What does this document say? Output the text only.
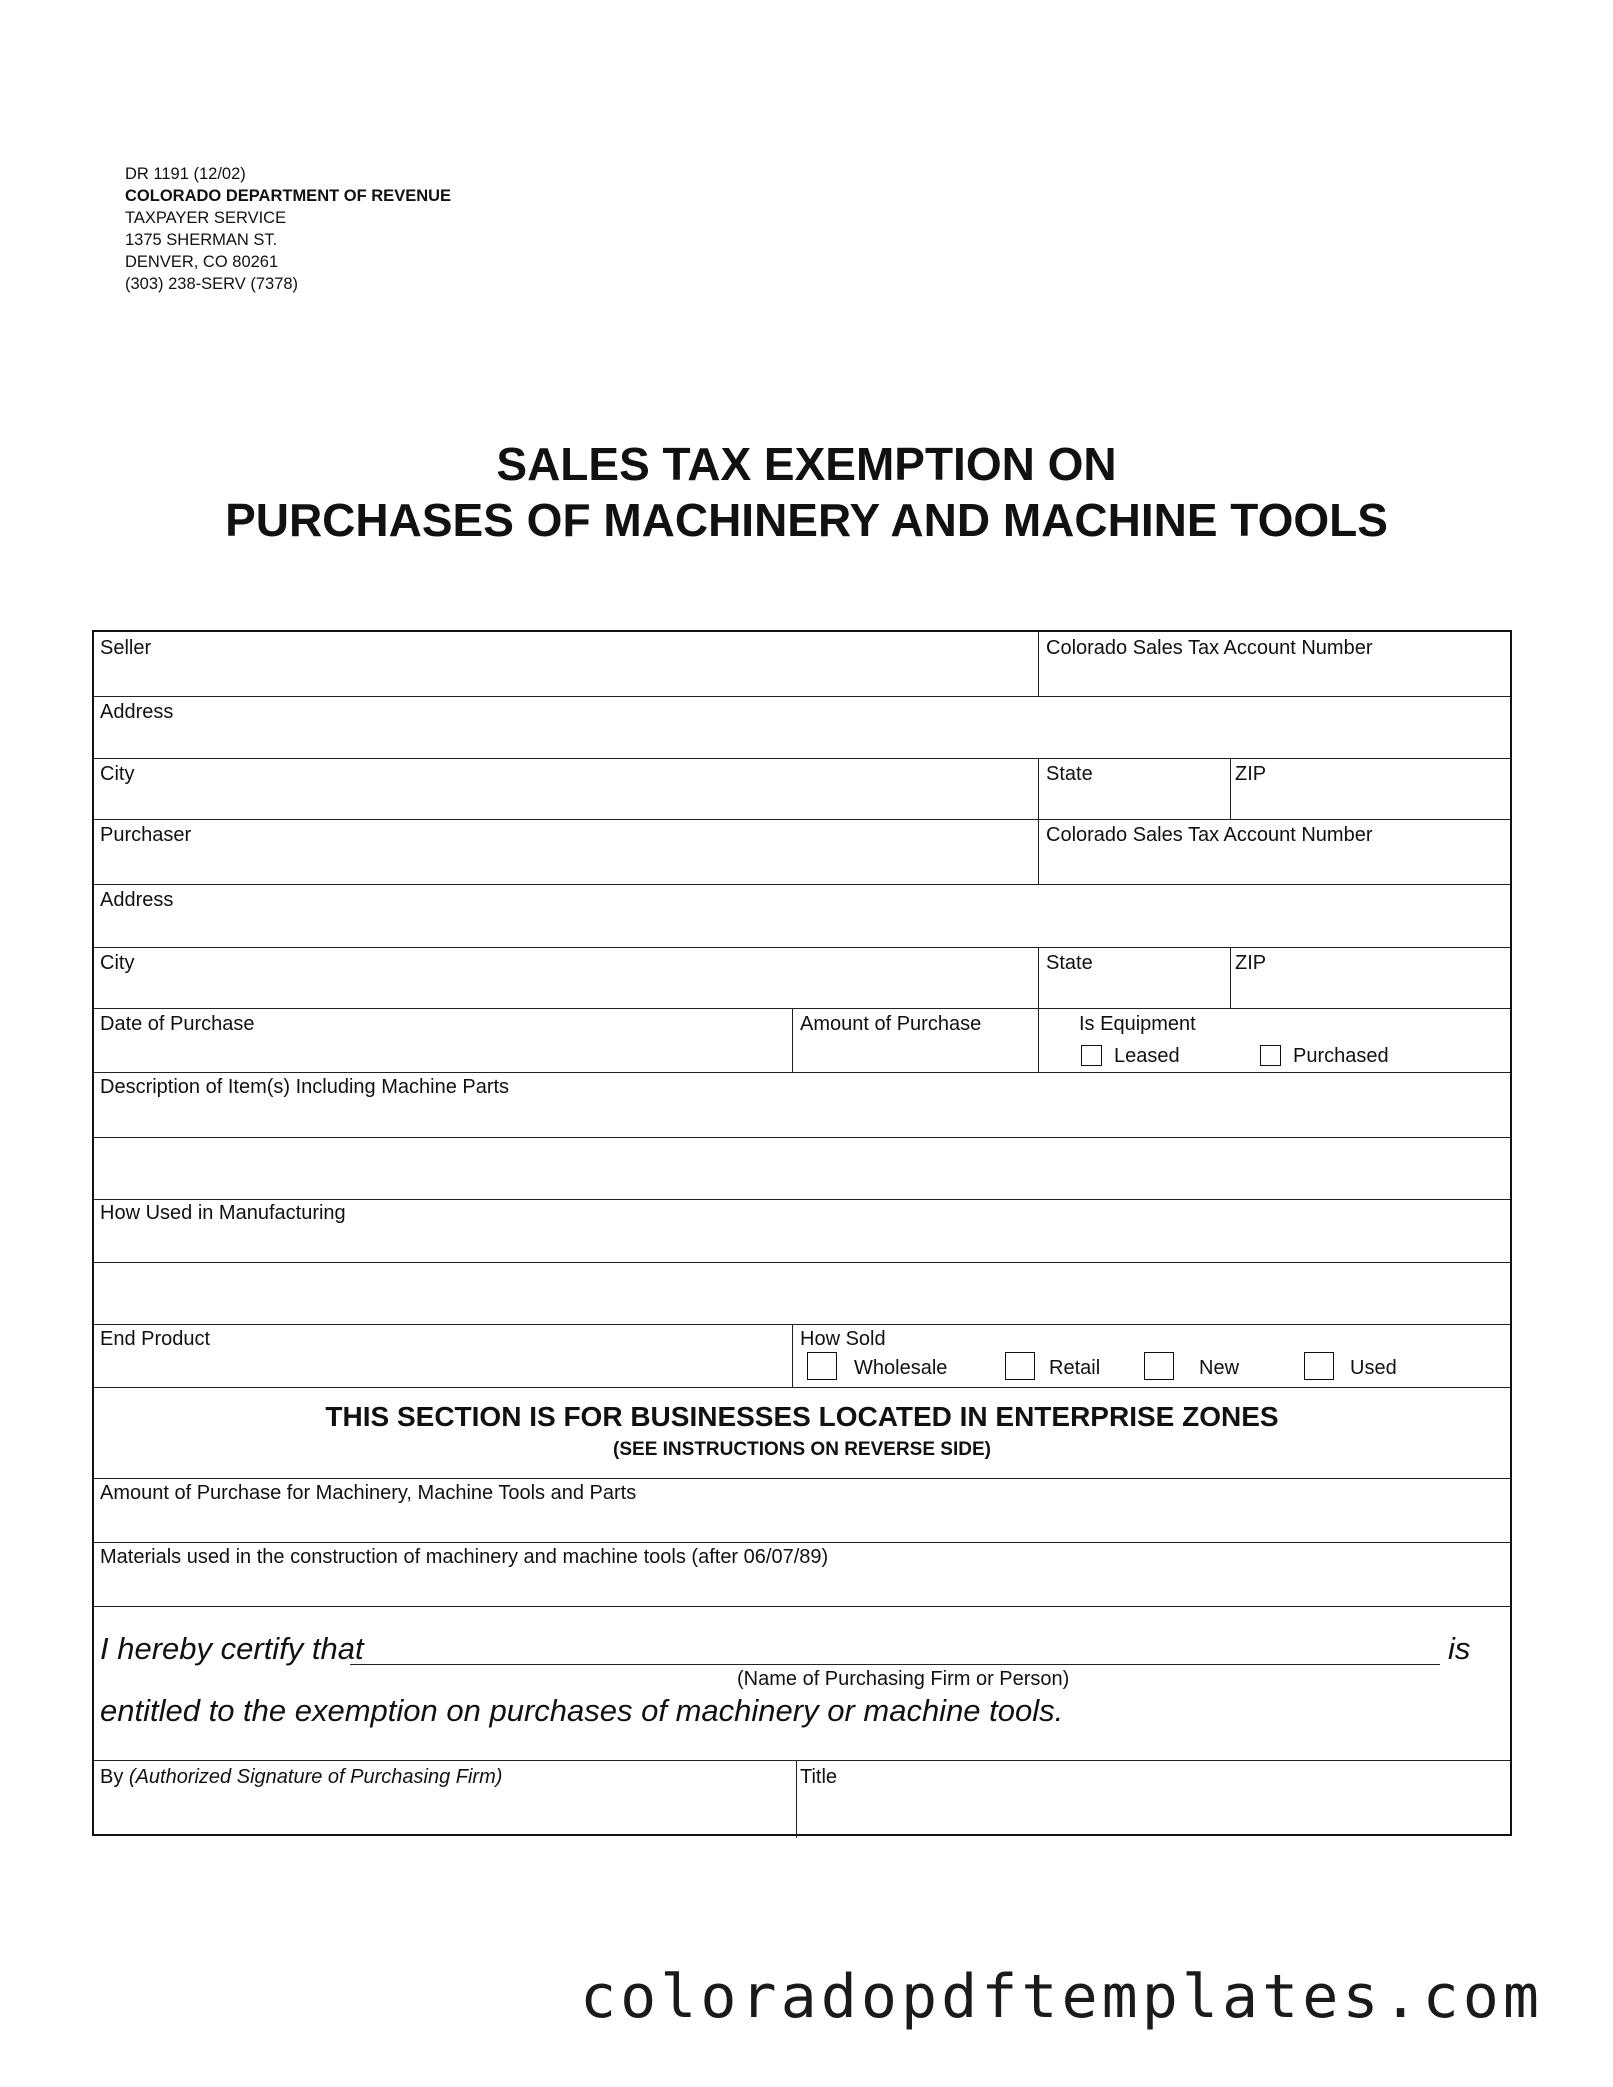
DR 1191 (12/02)
COLORADO DEPARTMENT OF REVENUE
TAXPAYER SERVICE
1375 SHERMAN ST.
DENVER, CO 80261
(303) 238-SERV (7378)
SALES TAX EXEMPTION ON
PURCHASES OF MACHINERY AND MACHINE TOOLS
Seller	Colorado Sales Tax Account Number
Address
City	State	ZIP
Purchaser	Colorado Sales Tax Account Number
Address
City	State	ZIP
Date of Purchase	Amount of Purchase	Is Equipment
Leased	Purchased
Description of Item(s) Including Machine Parts
How Used in Manufacturing
End Product	How Sold
Wholesale	Retail	New	Used
THIS SECTION IS FOR BUSINESSES LOCATED IN ENTERPRISE ZONES
(SEE INSTRUCTIONS ON REVERSE SIDE)
Amount of Purchase for Machinery, Machine Tools and Parts
Materials used in the construction of machinery and machine tools (after 06/07/89)
I hereby certify that	is
(Name of Purchasing Firm or Person)
entitled to the exemption on purchases of machinery or machine tools.
By (Authorized Signature of Purchasing Firm)	Title
coloradopdftemplates.com
